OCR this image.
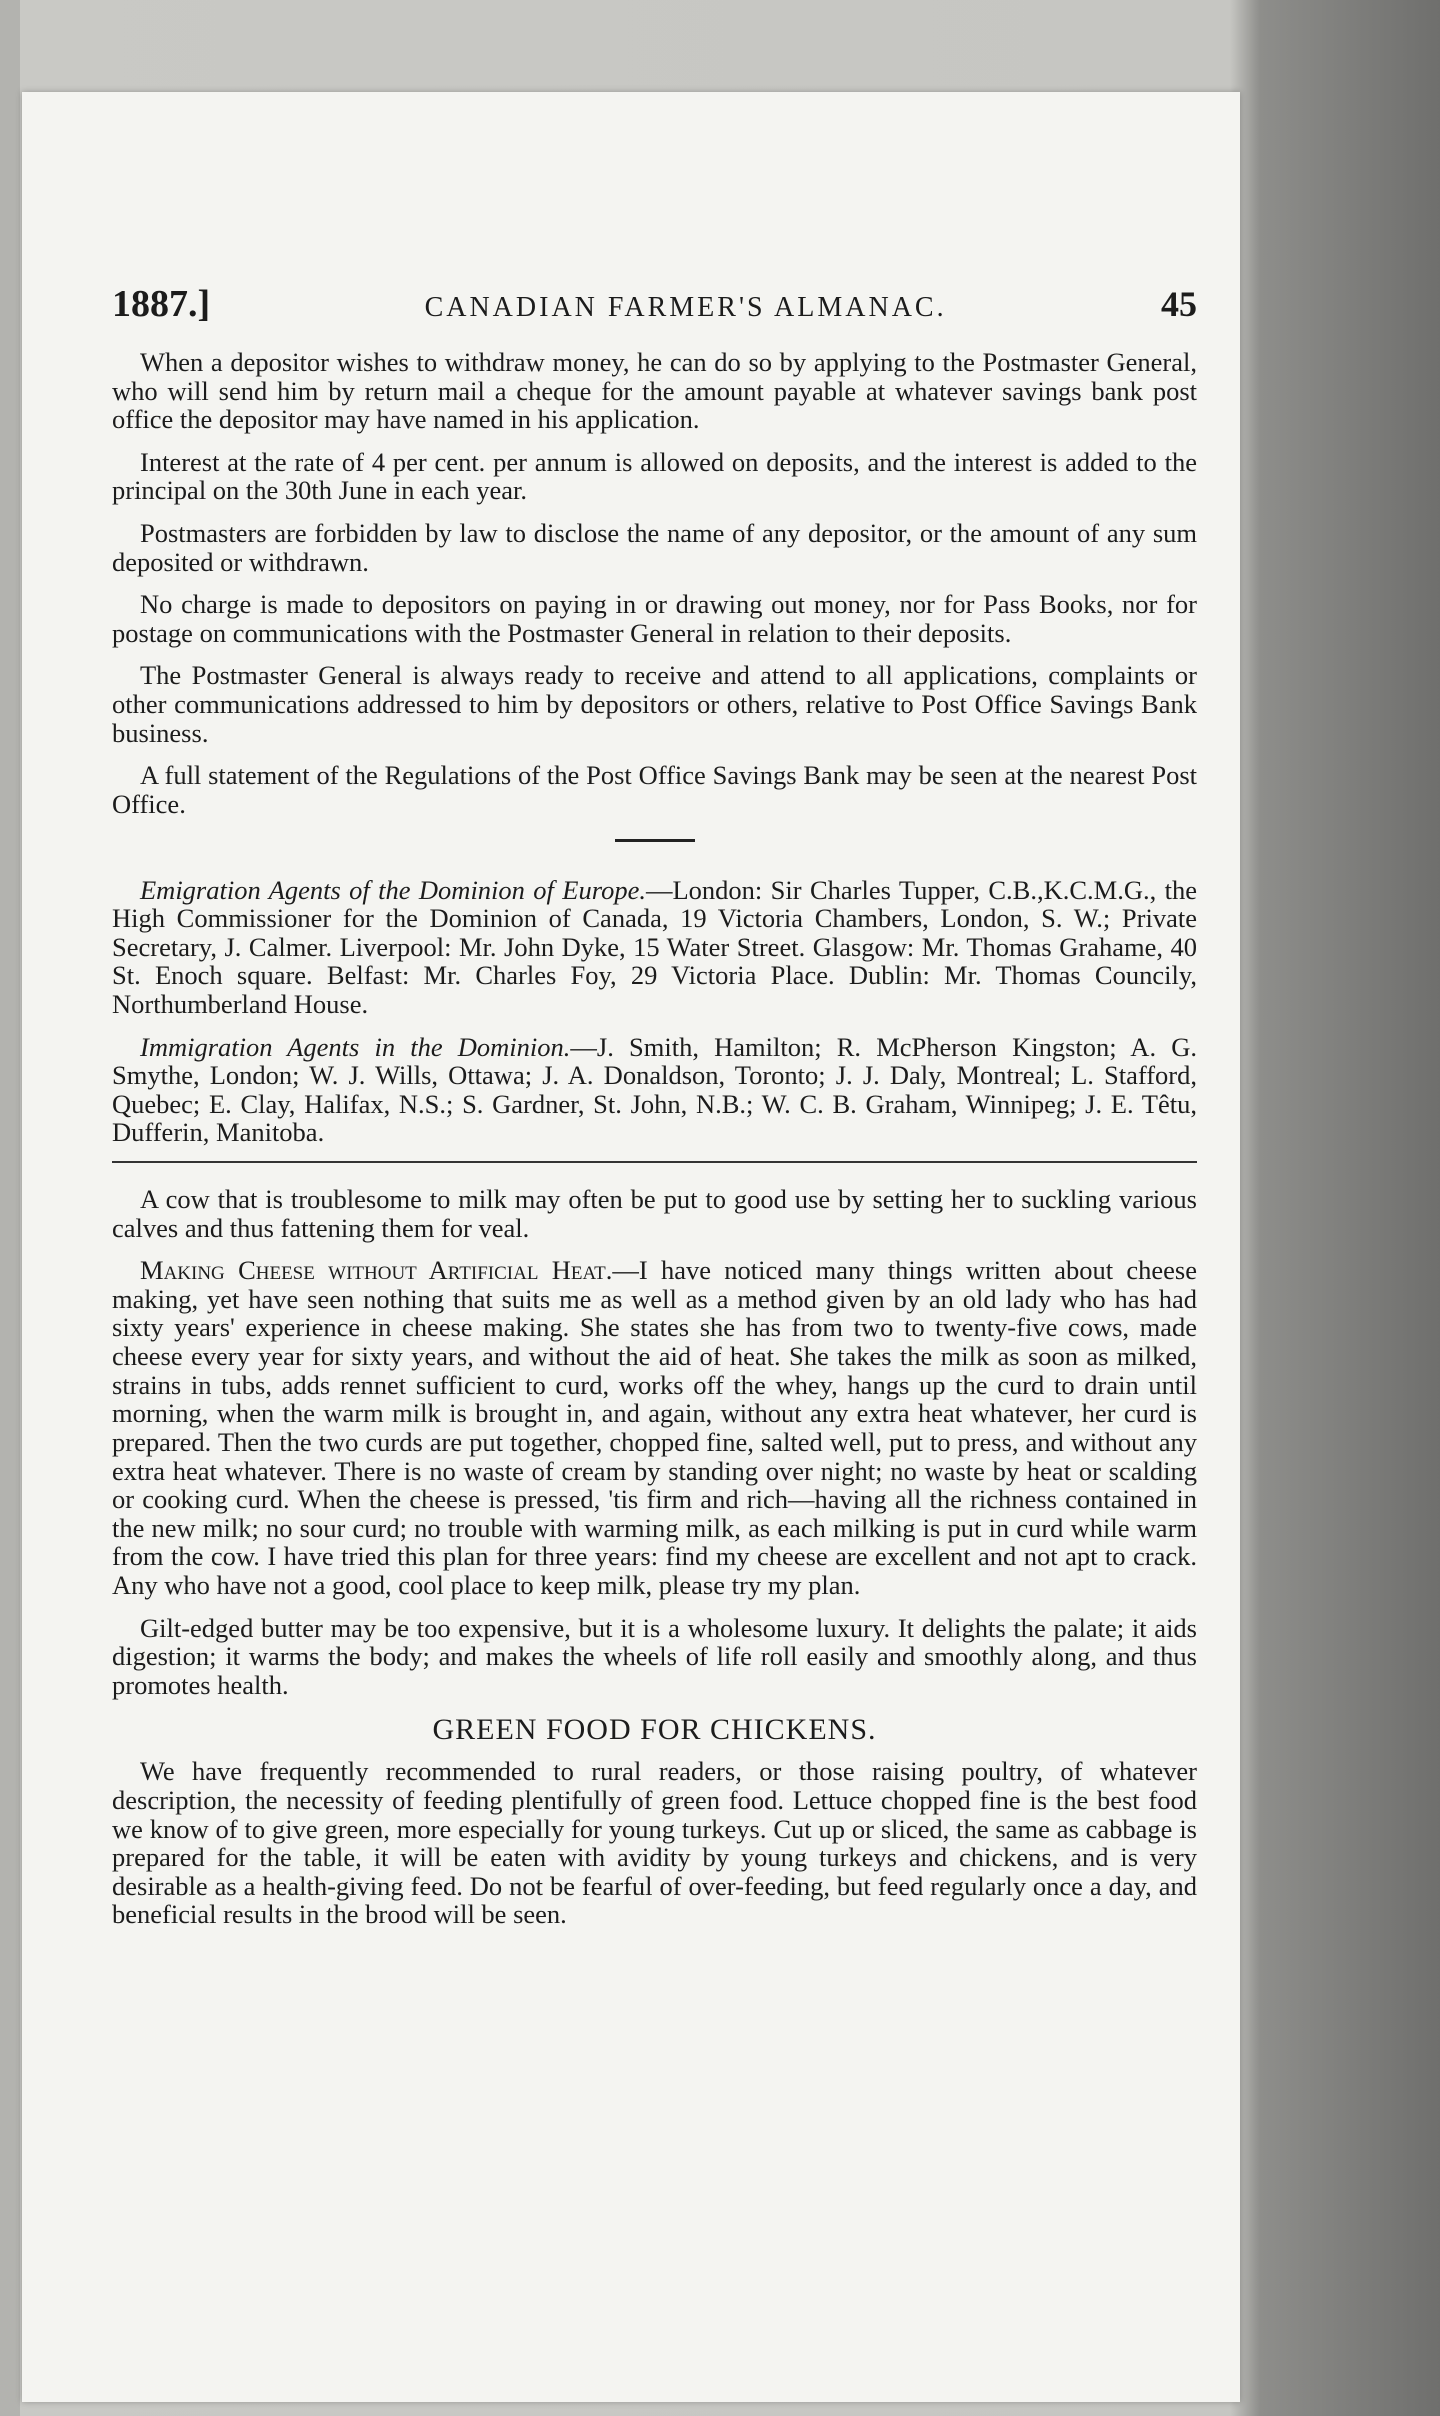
1887.]	CANADIAN FARMER'S ALMANAC.	45

When a depositor wishes to withdraw money, he can do so by applying to the Postmaster General, who will send him by return mail a cheque for the amount payable at whatever savings bank post office the depositor may have named in his application.

Interest at the rate of 4 per cent. per annum is allowed on deposits, and the interest is added to the principal on the 30th June in each year.

Postmasters are forbidden by law to disclose the name of any depositor, or the amount of any sum deposited or withdrawn.

No charge is made to depositors on paying in or drawing out money, nor for Pass Books, nor for postage on communications with the Postmaster General in relation to their deposits.

The Postmaster General is always ready to receive and attend to all applications, complaints or other communications addressed to him by depositors or others, relative to Post Office Savings Bank business.

A full statement of the Regulations of the Post Office Savings Bank may be seen at the nearest Post Office.

Emigration Agents of the Dominion of Europe.—London: Sir Charles Tupper, C.B.,K.C.M.G., the High Commissioner for the Dominion of Canada, 19 Victoria Chambers, London, S. W.; Private Secretary, J. Calmer. Liverpool: Mr. John Dyke, 15 Water Street. Glasgow: Mr. Thomas Grahame, 40 St. Enoch square. Belfast: Mr. Charles Foy, 29 Victoria Place. Dublin: Mr. Thomas Councily, Northumberland House.

Immigration Agents in the Dominion.—J. Smith, Hamilton; R. McPherson Kingston; A. G. Smythe, London; W. J. Wills, Ottawa; J. A. Donaldson, Toronto; J. J. Daly, Montreal; L. Stafford, Quebec; E. Clay, Halifax, N.S.; S. Gardner, St. John, N.B.; W. C. B. Graham, Winnipeg; J. E. Têtu, Dufferin, Manitoba.

A cow that is troublesome to milk may often be put to good use by setting her to suckling various calves and thus fattening them for veal.

Making Cheese without Artificial Heat.—I have noticed many things written about cheese making, yet have seen nothing that suits me as well as a method given by an old lady who has had sixty years' experience in cheese making. She states she has from two to twenty-five cows, made cheese every year for sixty years, and without the aid of heat. She takes the milk as soon as milked, strains in tubs, adds rennet sufficient to curd, works off the whey, hangs up the curd to drain until morning, when the warm milk is brought in, and again, without any extra heat whatever, her curd is prepared. Then the two curds are put together, chopped fine, salted well, put to press, and without any extra heat whatever. There is no waste of cream by standing over night; no waste by heat or scalding or cooking curd. When the cheese is pressed, 'tis firm and rich—having all the richness contained in the new milk; no sour curd; no trouble with warming milk, as each milking is put in curd while warm from the cow. I have tried this plan for three years: find my cheese are excellent and not apt to crack. Any who have not a good, cool place to keep milk, please try my plan.

Gilt-edged butter may be too expensive, but it is a wholesome luxury. It delights the palate; it aids digestion; it warms the body; and makes the wheels of life roll easily and smoothly along, and thus promotes health.

GREEN FOOD FOR CHICKENS.

We have frequently recommended to rural readers, or those raising poultry, of whatever description, the necessity of feeding plentifully of green food. Lettuce chopped fine is the best food we know of to give green, more especially for young turkeys. Cut up or sliced, the same as cabbage is prepared for the table, it will be eaten with avidity by young turkeys and chickens, and is very desirable as a health-giving feed. Do not be fearful of over-feeding, but feed regularly once a day, and beneficial results in the brood will be seen.
